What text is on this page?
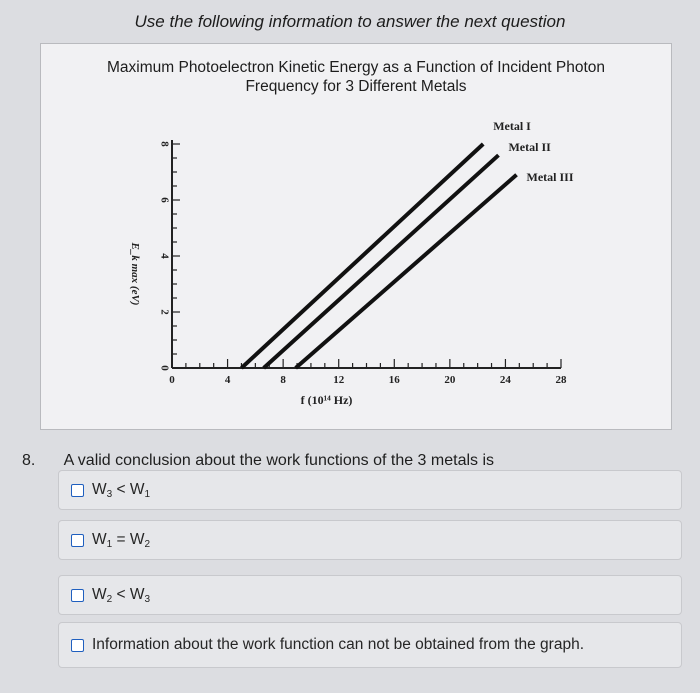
Use the following information to answer the next question
Maximum Photoelectron Kinetic Energy as a Function of Incident Photon
Frequency for 3 Different Metals
f (10¹⁴ Hz)
E_k max (eV)
0	4	8	12	16	20	24	28
0
2
4
6
8
Metal I
Metal II
Metal III
8. A valid conclusion about the work functions of the 3 metals is
$W_3 < W_1$
$W_1 = W_2$
$W_2 < W_3$
Information about the work function can not be obtained from the graph.
